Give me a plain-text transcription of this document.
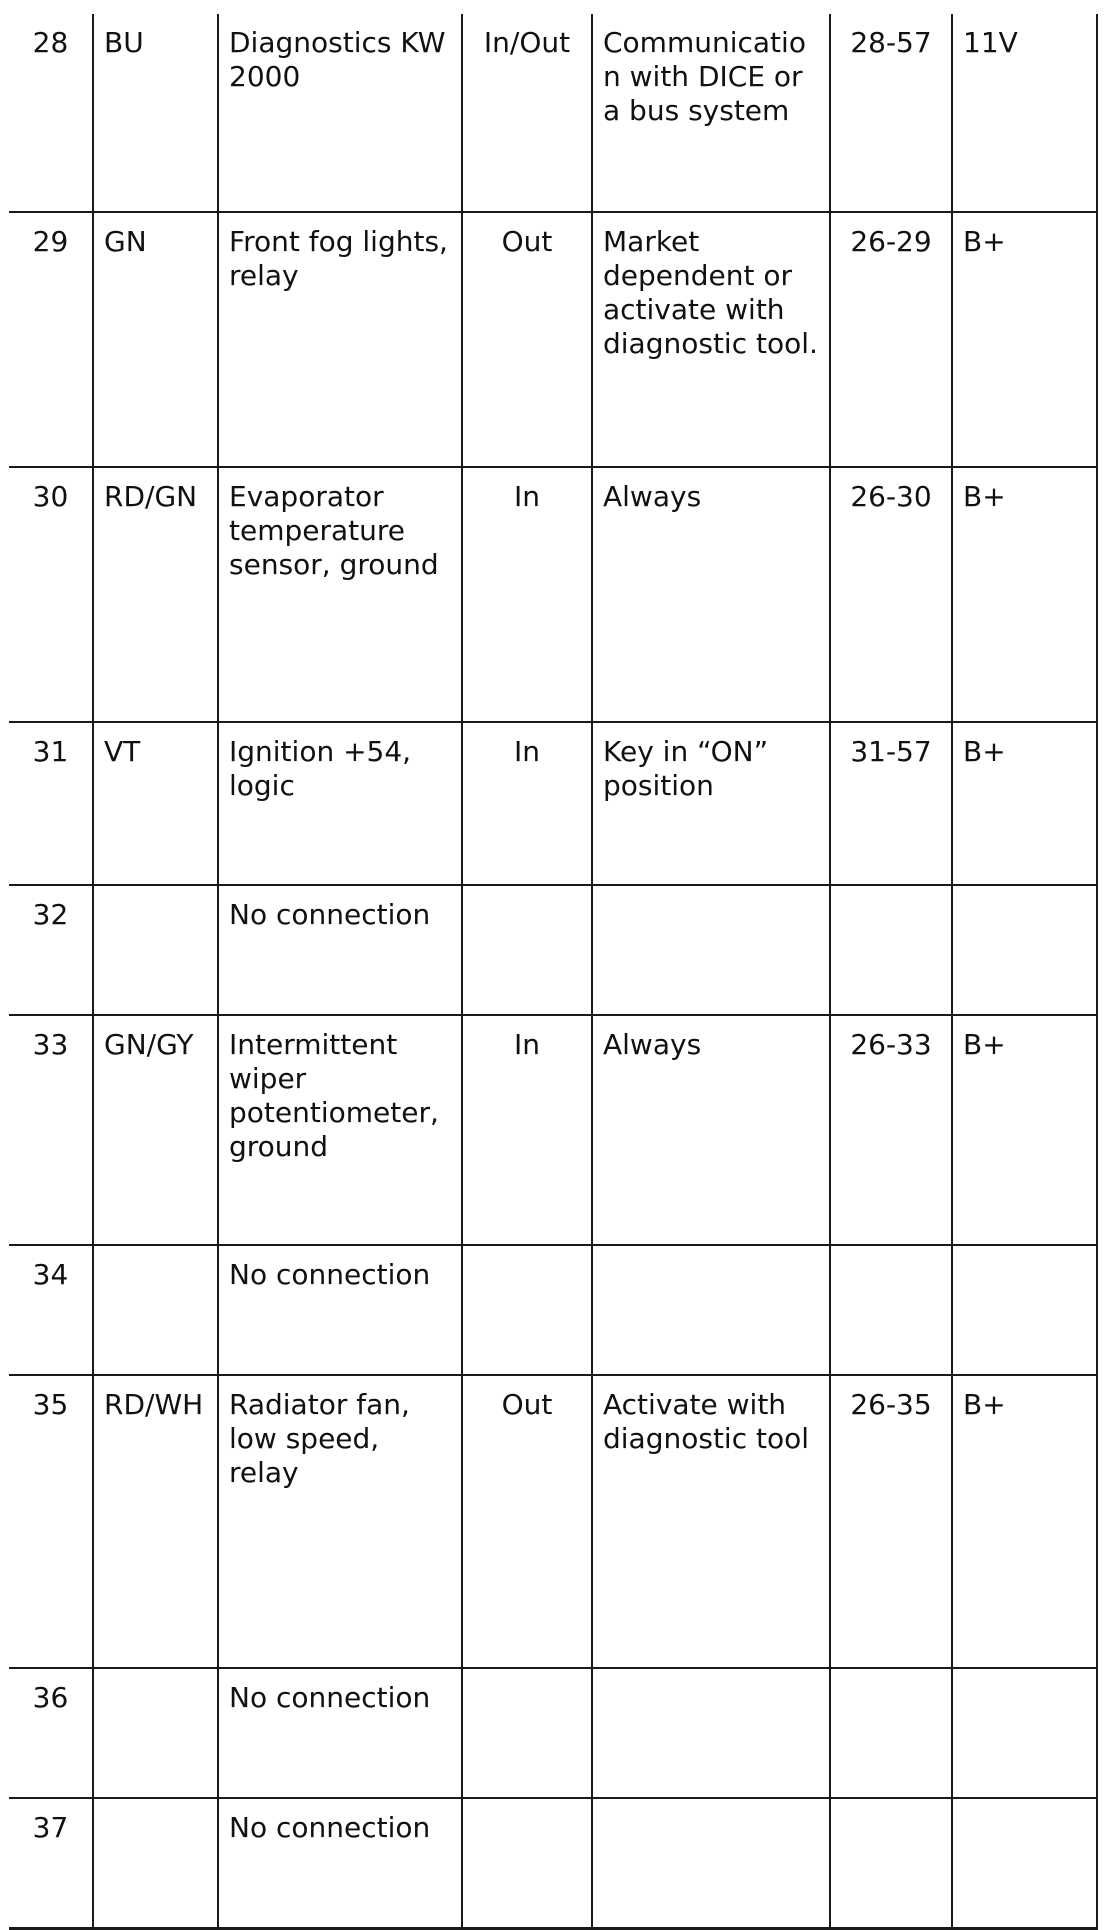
28	BU	Diagnostics KW 2000	In/Out	Communication with DICE or a bus system	28-57	11V
29	GN	Front fog lights, relay	Out	Market dependent or activate with diagnostic tool.	26-29	B+
30	RD/GN	Evaporator temperature sensor, ground	In	Always	26-30	B+
31	VT	Ignition +54, logic	In	Key in “ON” position	31-57	B+
32		No connection				
33	GN/GY	Intermittent wiper potentiometer, ground	In	Always	26-33	B+
34		No connection				
35	RD/WH	Radiator fan, low speed, relay	Out	Activate with diagnostic tool	26-35	B+
36		No connection				
37		No connection				
